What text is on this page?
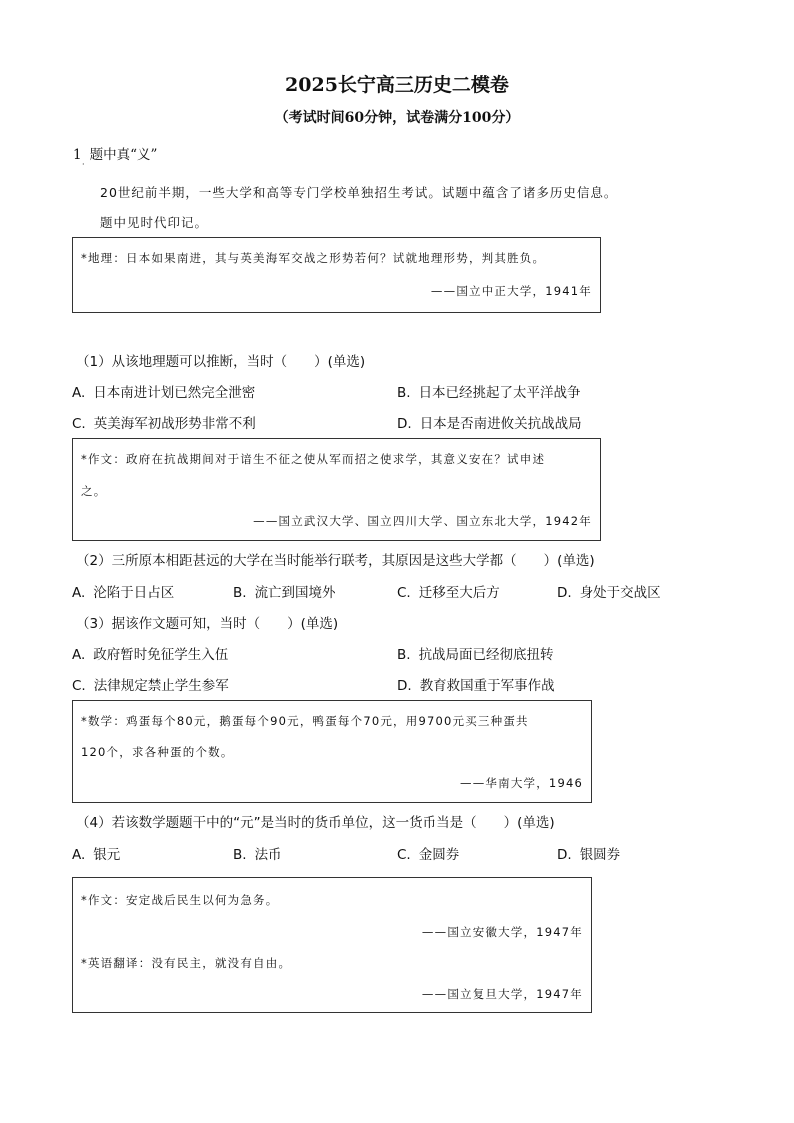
2025长宁高三历史二模卷
（考试时间60分钟，试卷满分100分）
1 题中真“义”
·
20世纪前半期，一些大学和高等专门学校单独招生考试。试题中蕴含了诸多历史信息。
题中见时代印记。
*地理：日本如果南进，其与英美海军交战之形势若何？试就地理形势，判其胜负。
——国立中正大学，1941年
（1）从该地理题可以推断，当时（　　）(单选)
A. 日本南进计划已然完全泄密	B. 日本已经挑起了太平洋战争
C. 英美海军初战形势非常不利	D. 日本是否南进攸关抗战战局
*作文：政府在抗战期间对于谙生不征之使从军而招之使求学，其意义安在？试申述
之。
——国立武汉大学、国立四川大学、国立东北大学，1942年
（2）三所原本相距甚远的大学在当时能举行联考，其原因是这些大学都（　　）(单选)
A. 沦陷于日占区	B. 流亡到国境外	C. 迁移至大后方	D. 身处于交战区
（3）据该作文题可知，当时（　　）(单选)
A. 政府暂时免征学生入伍	B. 抗战局面已经彻底扭转
C. 法律规定禁止学生参军	D. 教育救国重于军事作战
*数学：鸡蛋每个80元，鹅蛋每个90元，鸭蛋每个70元，用9700元买三种蛋共
120个，求各种蛋的个数。
——华南大学，1946
（4）若该数学题题干中的“元”是当时的货币单位，这一货币当是（　　）(单选)
A. 银元	B. 法币	C. 金圆券	D. 银圆券
*作文：安定战后民生以何为急务。
——国立安徽大学，1947年
*英语翻译：没有民主，就没有自由。
——国立复旦大学，1947年
